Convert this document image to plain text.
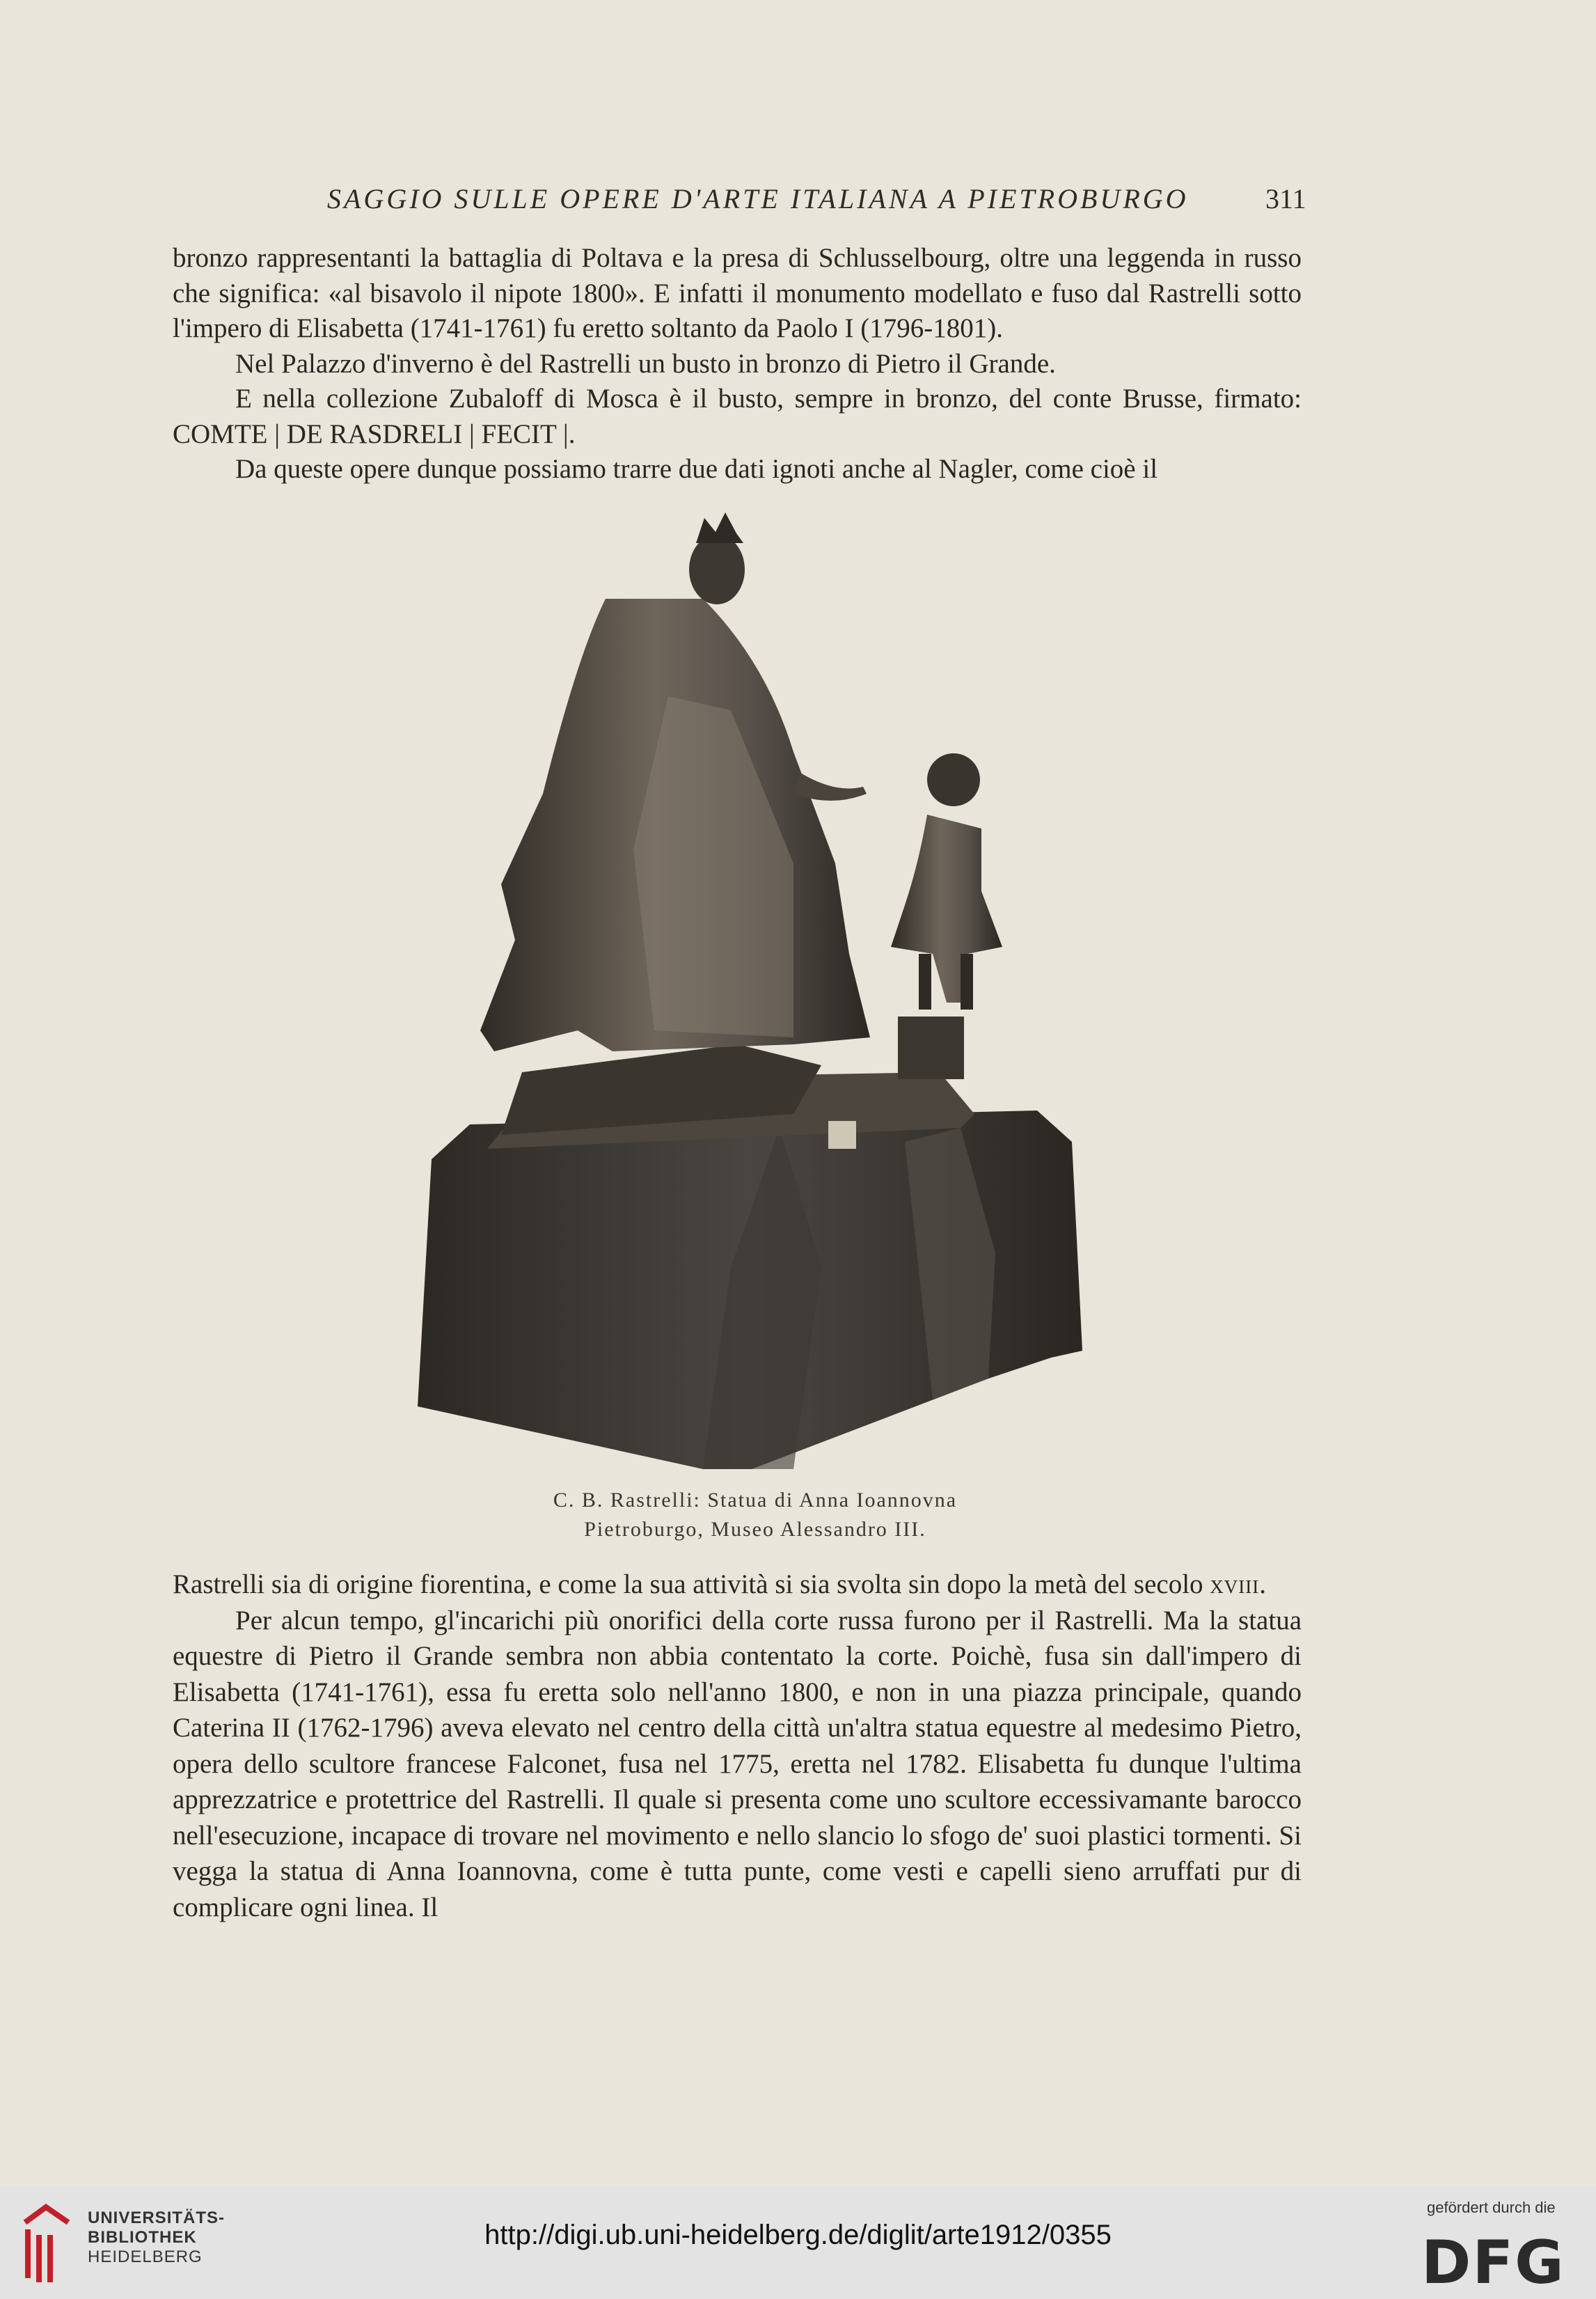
SAGGIO SULLE OPERE D'ARTE ITALIANA A PIETROBURGO	311

bronzo rappresentanti la battaglia di Poltava e la presa di Schlusselbourg, oltre una leggenda in russo che significa: «al bisavolo il nipote 1800». E infatti il monumento modellato e fuso dal Rastrelli sotto l'impero di Elisabetta (1741-1761) fu eretto soltanto da Paolo I (1796-1801).

Nel Palazzo d'inverno è del Rastrelli un busto in bronzo di Pietro il Grande.

E nella collezione Zubaloff di Mosca è il busto, sempre in bronzo, del conte Brusse, firmato: COMTE | DE RASDRELI | FECIT |.

Da queste opere dunque possiamo trarre due dati ignoti anche al Nagler, come cioè il

C. B. Rastrelli: Statua di Anna Ioannovna
Pietroburgo, Museo Alessandro III.

Rastrelli sia di origine fiorentina, e come la sua attività si sia svolta sin dopo la metà del secolo xviii.

Per alcun tempo, gl'incarichi più onorifici della corte russa furono per il Rastrelli. Ma la statua equestre di Pietro il Grande sembra non abbia contentato la corte. Poichè, fusa sin dall'impero di Elisabetta (1741-1761), essa fu eretta solo nell'anno 1800, e non in una piazza principale, quando Caterina II (1762-1796) aveva elevato nel centro della città un'altra statua equestre al medesimo Pietro, opera dello scultore francese Falconet, fusa nel 1775, eretta nel 1782. Elisabetta fu dunque l'ultima apprezzatrice e protettrice del Rastrelli. Il quale si presenta come uno scultore eccessivamante barocco nell'esecuzione, incapace di trovare nel movimento e nello slancio lo sfogo de' suoi plastici tormenti. Si vegga la statua di Anna Ioannovna, come è tutta punte, come vesti e capelli sieno arruffati pur di complicare ogni linea. Il

UNIVERSITÄTS-
BIBLIOTHEK
HEIDELBERG
http://digi.ub.uni-heidelberg.de/diglit/arte1912/0355
gefördert durch die
DFG
